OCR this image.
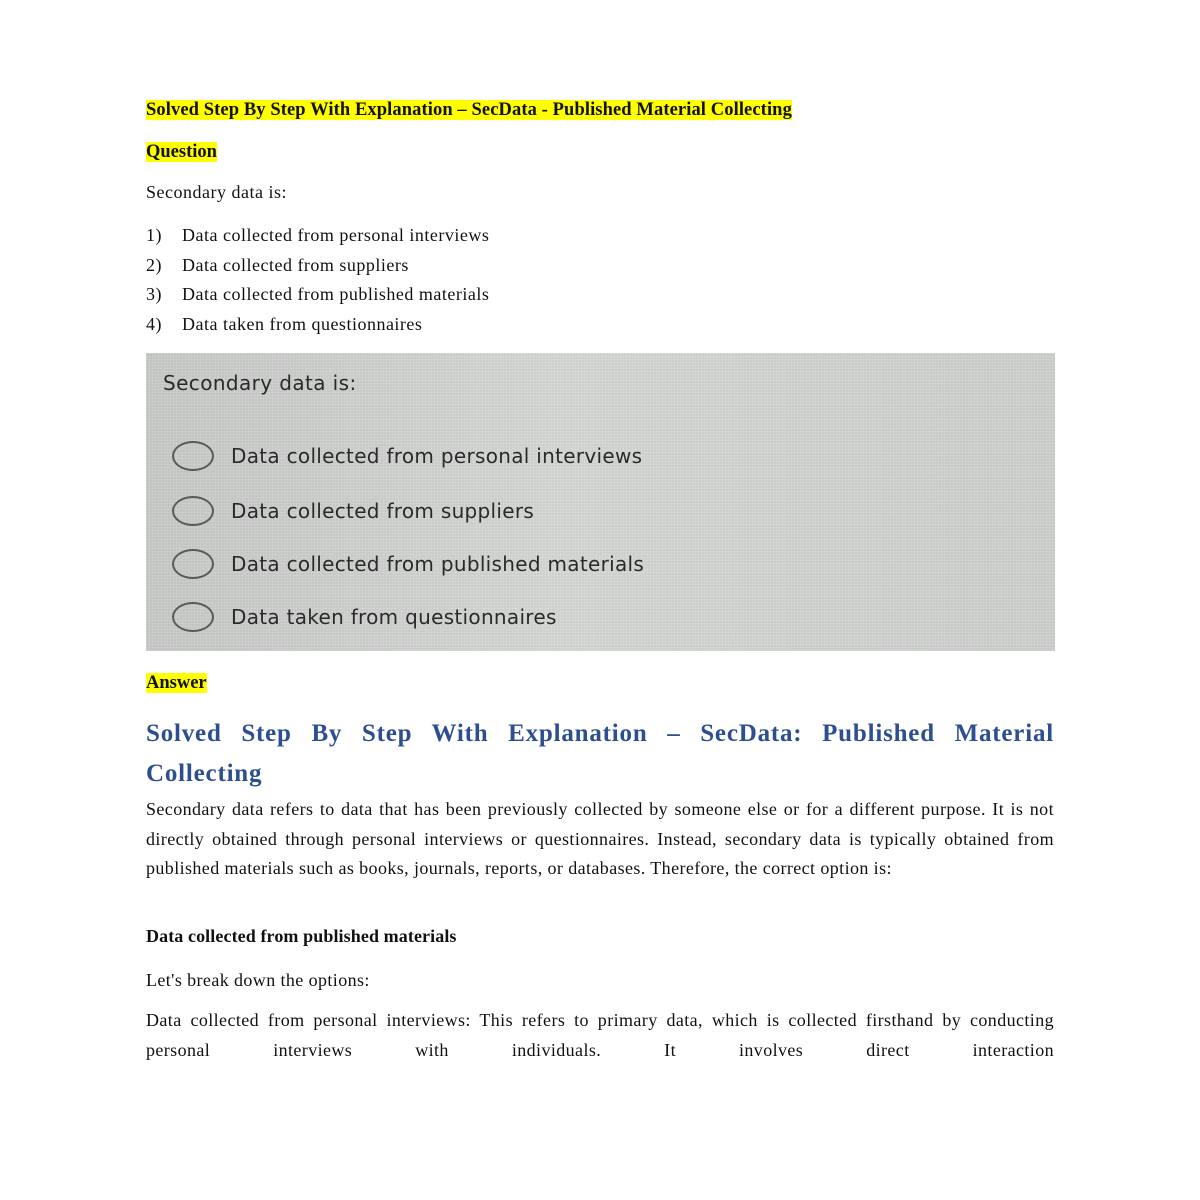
Solved Step By Step With Explanation – SecData - Published Material Collecting
Question
Secondary data is:
1)	Data collected from personal interviews
2)	Data collected from suppliers
3)	Data collected from published materials
4)	Data taken from questionnaires
Secondary data is:
Data collected from personal interviews
Data collected from suppliers
Data collected from published materials
Data taken from questionnaires
Answer
Solved Step By Step With Explanation – SecData: Published Material Collecting

Secondary data refers to data that has been previously collected by someone else or for a different purpose. It is not directly obtained through personal interviews or questionnaires. Instead, secondary data is typically obtained from published materials such as books, journals, reports, or databases. Therefore, the correct option is:

Data collected from published materials

Let's break down the options:

Data collected from personal interviews: This refers to primary data, which is collected firsthand by conducting personal interviews with individuals. It involves direct interaction
